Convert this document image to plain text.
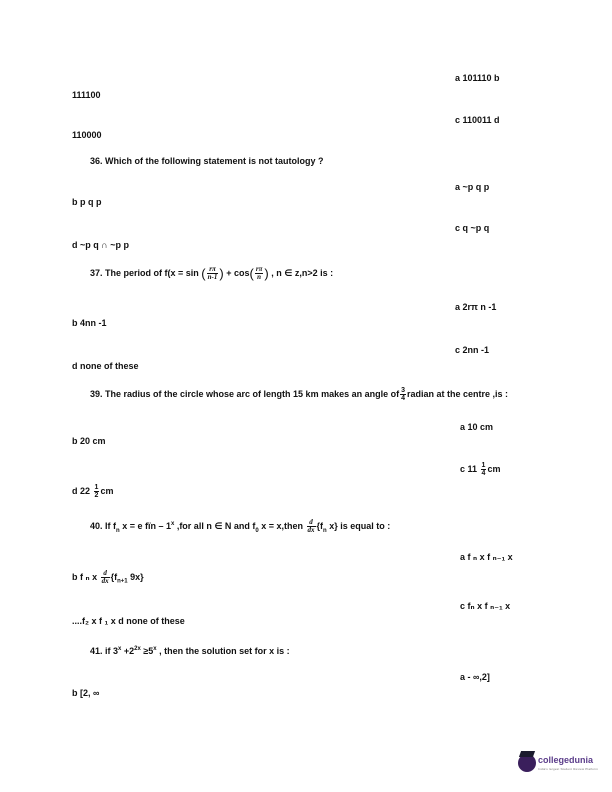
a 101110 b
111100
c 110011 d
110000
36. Which of the following statement is not tautology ?
a ~p q p
b p q p
c q ~p q
d ~p q ∩ ~p p
37. The period of f(x = sin ( $\frac{r\pi}{n-1}$ ) + $\cos( \frac{r\pi}{n}$ ) , n ∈ z,n>2 is :
a 2rπ n -1
b 4nn -1
c 2nn -1
d none of these
39. The radius of the circle whose arc of length 15 km makes an angle of $\frac{3}{4}$ radian at the centre ,is :
a 10 cm
b 20 cm
c $11 \frac{1}{4}$ cm
d $22 \frac{1}{2}$ cm
40. If $f_n$ x = e fïn – 1$^x$ ,for all n ∈ N and $f_0$ x = x,then $\frac{d}{dx} \{f_n$ x} is equal to :
a f ₙ x f ₙ₋₁ x
b f ₙ x $\frac{d}{dx} \{f_{n+1}$ 9x}
c fₙ x f ₙ₋₁ x
....f₂ x f ₁ x d none of these
41. if $3^x +2^{2x} \ge 5^x$ , then the solution set for x is :
a - ∞,2]
b [2, ∞
collegedunia
India's largest Student Review Platform
